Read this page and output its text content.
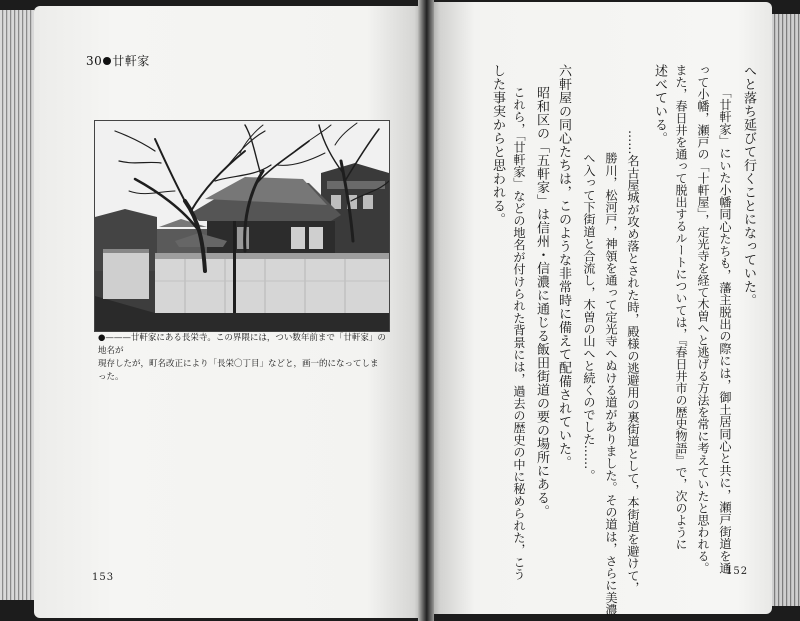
30 廿軒家
●———廿軒家にある長栄寺。この界隈には，つい数年前まで「廿軒家」の地名が
現存したが，町名改正により「長栄〇丁目」などと，画一的になってしまった。
153
152
へと落ち延びて行くことになっていた。
「廿軒家」にいた小幡同心たちも，藩主脱出の際には，御土居同心と共に，瀬戸街道を通
って小幡，瀬戸の「十軒屋」，定光寺を経て木曽へと逃げる方法を常に考えていたと思われる。
また，春日井を通って脱出するルートについては，『春日井市の歴史物語』で，次のように
述べている。
……名古屋城が攻め落とされた時，殿様の逃避用の裏街道として，本街道を避けて，
勝川，松河戸，神領を通って定光寺へぬける道がありました。その道は，さらに美濃
へ入って下街道と合流し，木曽の山へと続くのでした……。
六軒屋の同心たちは，このような非常時に備えて配備されていた。
昭和区の「五軒家」は信州・信濃に通じる飯田街道の要の場所にある。
これら，「廿軒家」などの地名が付けられた背景には，過去の歴史の中に秘められた，こう
した事実からと思われる。
